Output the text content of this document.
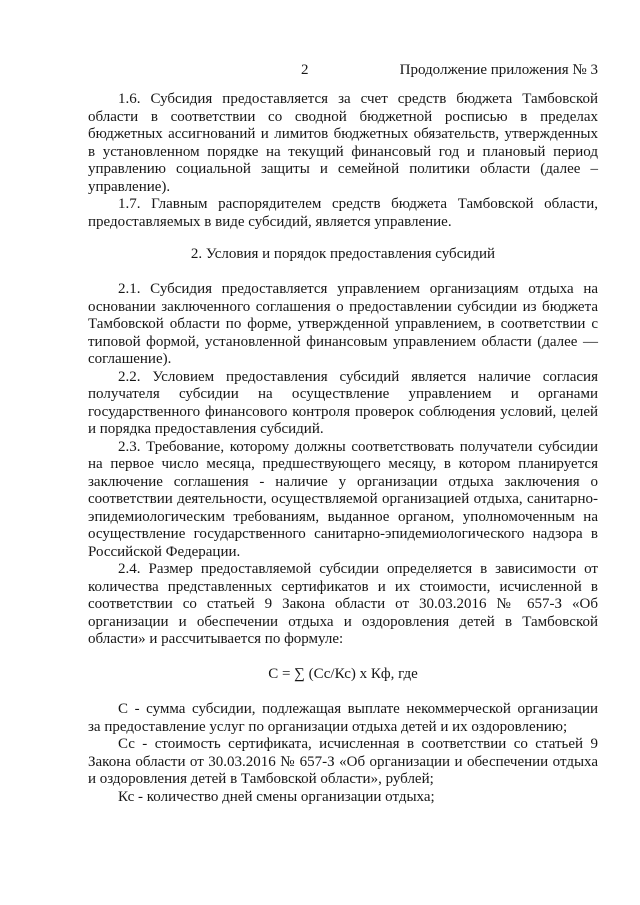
2	Продолжение приложения № 3
1.6. Субсидия предоставляется за счет средств бюджета Тамбовской
области в соответствии со сводной бюджетной росписью в пределах
бюджетных ассигнований и лимитов бюджетных обязательств, утвержденных
в установленном порядке на текущий финансовый год и плановый период
управлению социальной защиты и семейной политики области (далее –
управление).
1.7. Главным распорядителем средств бюджета Тамбовской области,
предоставляемых в виде субсидий, является управление.
2. Условия и порядок предоставления субсидий
2.1. Субсидия предоставляется управлением организациям отдыха на
основании заключенного соглашения о предоставлении субсидии из бюджета
Тамбовской области по форме, утвержденной управлением, в соответствии с
типовой формой, установленной финансовым управлением области (далее —
соглашение).
2.2. Условием предоставления субсидий является наличие согласия
получателя субсидии на осуществление управлением и органами
государственного финансового контроля проверок соблюдения условий, целей
и порядка предоставления субсидий.
2.3. Требование, которому должны соответствовать получатели субсидии
на первое число месяца, предшествующего месяцу, в котором планируется
заключение соглашения - наличие у организации отдыха заключения о
соответствии деятельности, осуществляемой организацией отдыха, санитарно-
эпидемиологическим требованиям, выданное органом, уполномоченным на
осуществление государственного санитарно-эпидемиологического надзора в
Российской Федерации.
2.4. Размер предоставляемой субсидии определяется в зависимости от
количества представленных сертификатов и их стоимости, исчисленной в
соответствии со статьей 9 Закона области от 30.03.2016 № 657-З «Об
организации и обеспечении отдыха и оздоровления детей в Тамбовской
области» и рассчитывается по формуле:
С = ∑ (Сс/Кс) х Кф, где
С - сумма субсидии, подлежащая выплате некоммерческой организации
за предоставление услуг по организации отдыха детей и их оздоровлению;
Сс - стоимость сертификата, исчисленная в соответствии со статьей 9
Закона области от 30.03.2016 № 657-З «Об организации и обеспечении отдыха
и оздоровления детей в Тамбовской области», рублей;
Кс - количество дней смены организации отдыха;
